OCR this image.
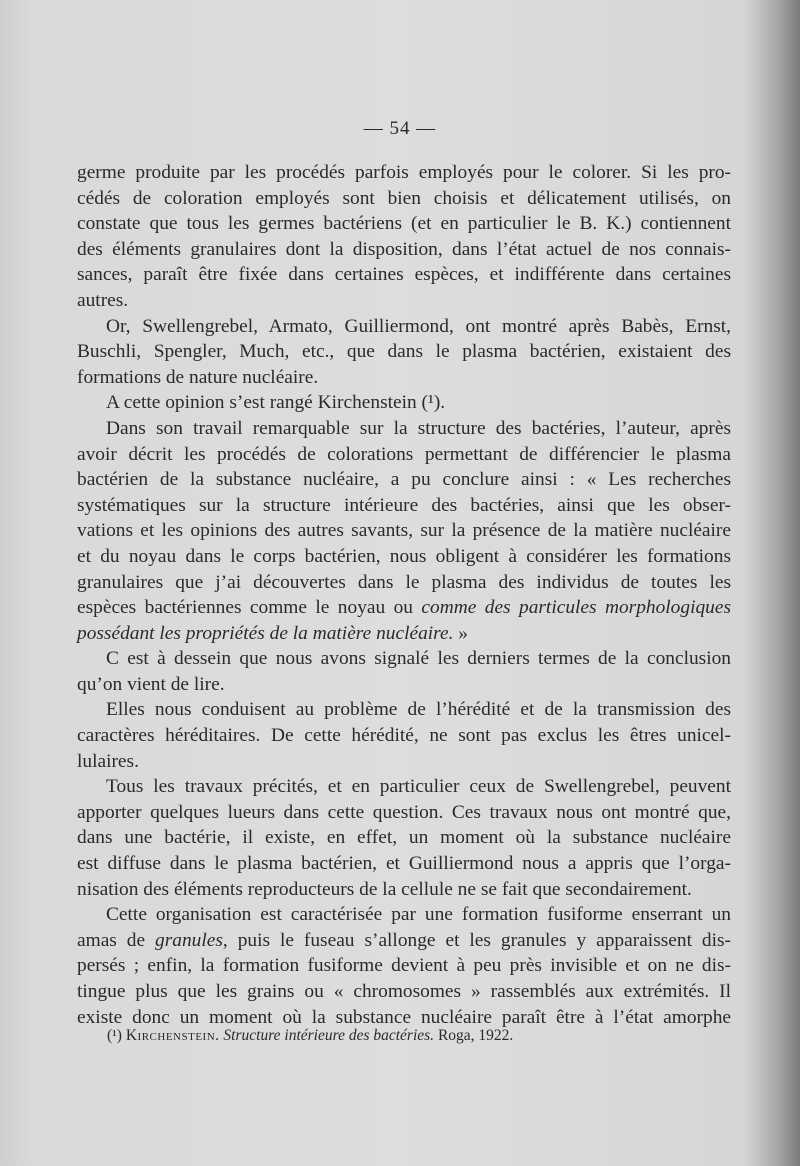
— 54 —

germe produite par les procédés parfois employés pour le colorer. Si les pro-
cédés de coloration employés sont bien choisis et délicatement utilisés, on
constate que tous les germes bactériens (et en particulier le B. K.) contiennent
des éléments granulaires dont la disposition, dans l’état actuel de nos connais-
sances, paraît être fixée dans certaines espèces, et indifférente dans certaines
autres.

Or, Swellengrebel, Armato, Guilliermond, ont montré après Babès, Ernst,
Buschli, Spengler, Much, etc., que dans le plasma bactérien, existaient des
formations de nature nucléaire.

A cette opinion s’est rangé Kirchenstein (¹).

Dans son travail remarquable sur la structure des bactéries, l’auteur, après
avoir décrit les procédés de colorations permettant de différencier le plasma
bactérien de la substance nucléaire, a pu conclure ainsi : « Les recherches
systématiques sur la structure intérieure des bactéries, ainsi que les obser-
vations et les opinions des autres savants, sur la présence de la matière nucléaire
et du noyau dans le corps bactérien, nous obligent à considérer les formations
granulaires que j’ai découvertes dans le plasma des individus de toutes les
espèces bactériennes comme le noyau ou comme des particules morphologiques
possédant les propriétés de la matière nucléaire. »

C est à dessein que nous avons signalé les derniers termes de la conclusion
qu’on vient de lire.

Elles nous conduisent au problème de l’hérédité et de la transmission des
caractères héréditaires. De cette hérédité, ne sont pas exclus les êtres unicel-
lulaires.

Tous les travaux précités, et en particulier ceux de Swellengrebel, peuvent
apporter quelques lueurs dans cette question. Ces travaux nous ont montré que,
dans une bactérie, il existe, en effet, un moment où la substance nucléaire
est diffuse dans le plasma bactérien, et Guilliermond nous a appris que l’orga-
nisation des éléments reproducteurs de la cellule ne se fait que secondairement.

Cette organisation est caractérisée par une formation fusiforme enserrant un
amas de granules, puis le fuseau s’allonge et les granules y apparaissent dis-
persés ; enfin, la formation fusiforme devient à peu près invisible et on ne dis-
tingue plus que les grains ou « chromosomes » rassemblés aux extrémités. Il
existe donc un moment où la substance nucléaire paraît être à l’état amorphe

(¹) Kirchenstein. Structure intérieure des bactéries. Roga, 1922.
